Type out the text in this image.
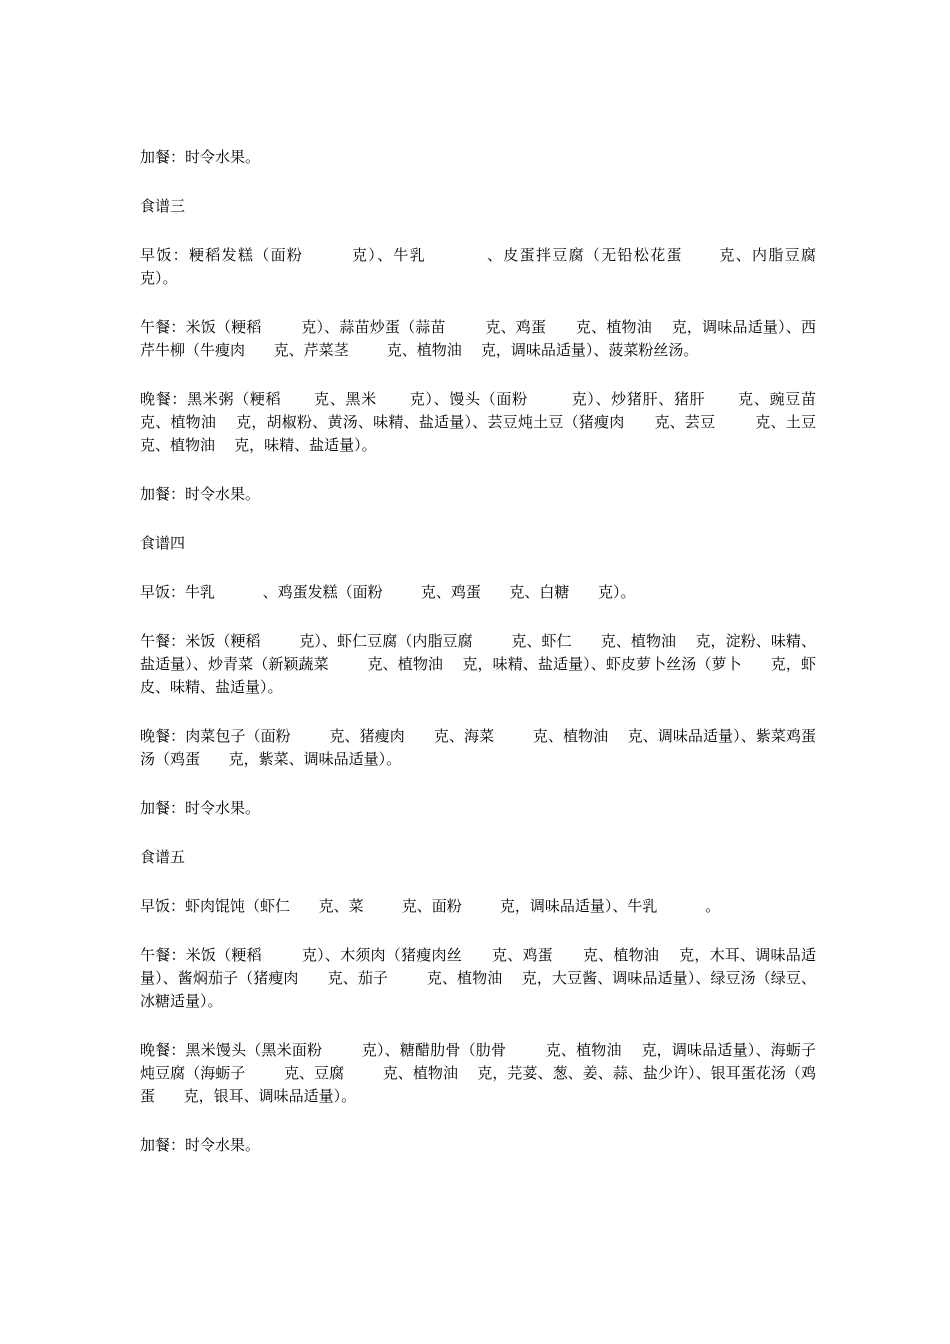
加餐：时令水果。

食谱三

早饭：粳稻发糕（面粉        克）、牛乳          、皮蛋拌豆腐（无铅松花蛋      克、内脂豆腐        克）。

午餐：米饭（粳稻        克）、蒜苗炒蛋（蒜苗        克、鸡蛋      克、植物油    克，调味品适量）、西芹牛柳（牛瘦肉      克、芹菜茎        克、植物油    克，调味品适量）、菠菜粉丝汤。

晚餐：黑米粥（粳稻      克、黑米      克）、馒头（面粉        克）、炒猪肝、猪肝      克、豌豆苗      克、植物油    克，胡椒粉、黄汤、味精、盐适量）、芸豆炖土豆（猪瘦肉      克、芸豆        克、土豆      克、植物油    克，味精、盐适量）。

加餐：时令水果。

食谱四

早饭：牛乳          、鸡蛋发糕（面粉        克、鸡蛋      克、白糖      克）。

午餐：米饭（粳稻        克）、虾仁豆腐（内脂豆腐        克、虾仁      克、植物油    克，淀粉、味精、盐适量）、炒青菜（新颖蔬菜        克、植物油    克，味精、盐适量）、虾皮萝卜丝汤（萝卜      克，虾皮、味精、盐适量）。

晚餐：肉菜包子（面粉        克、猪瘦肉      克、海菜        克、植物油    克、调味品适量）、紫菜鸡蛋汤（鸡蛋      克，紫菜、调味品适量）。

加餐：时令水果。

食谱五

早饭：虾肉馄饨（虾仁      克、菜        克、面粉        克，调味品适量）、牛乳          。

午餐：米饭（粳稻        克）、木须肉（猪瘦肉丝      克、鸡蛋      克、植物油    克，木耳、调味品适量）、酱焖茄子（猪瘦肉      克、茄子        克、植物油    克，大豆酱、调味品适量）、绿豆汤（绿豆、冰糖适量）。

晚餐：黑米馒头（黑米面粉        克）、糖醋肋骨（肋骨        克、植物油    克，调味品适量）、海蛎子炖豆腐（海蛎子        克、豆腐        克、植物油    克，芫荽、葱、姜、蒜、盐少许）、银耳蛋花汤（鸡蛋      克，银耳、调味品适量）。

加餐：时令水果。
